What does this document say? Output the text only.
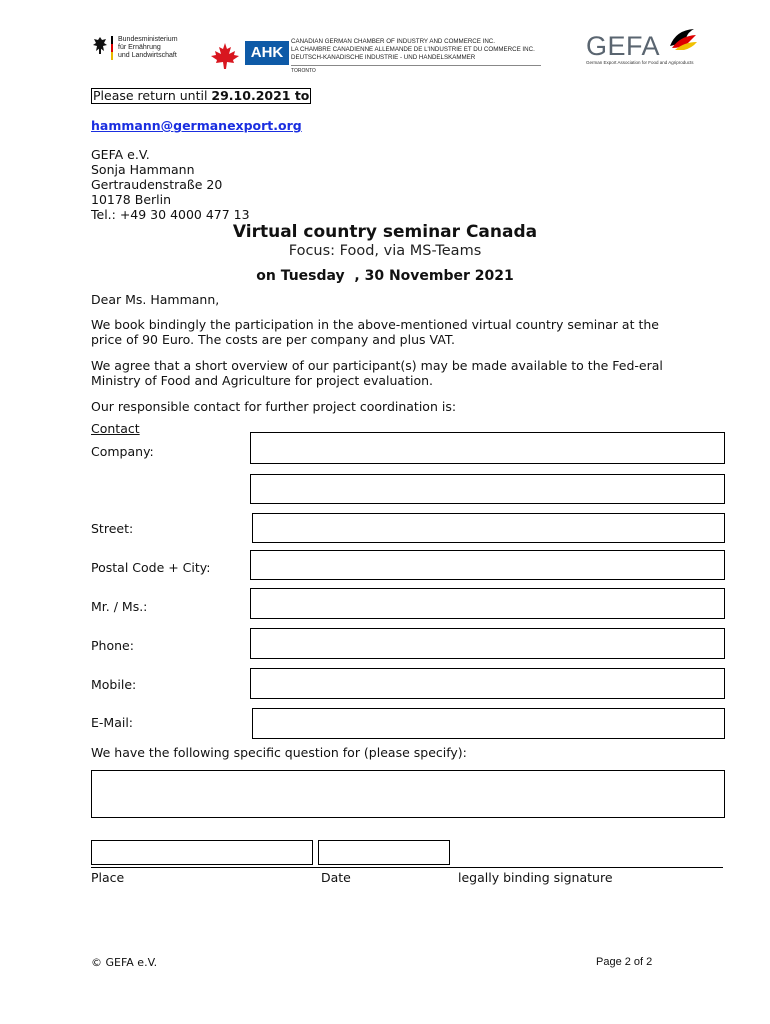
Bundesministerium
für Ernährung
und Landwirtschaft	AHK
CANADIAN GERMAN CHAMBER OF INDUSTRY AND COMMERCE INC.
LA CHAMBRE CANADIENNE ALLEMANDE DE L'INDUSTRIE ET DU COMMERCE INC.
DEUTSCH-KANADISCHE INDUSTRIE - UND HANDELSKAMMER
TORONTO
GEFA
German Export Association for Food and Agriproducts
Please return until 29.10.2021 to
hammann@germanexport.org
GEFA e.V.
Sonja Hammann
Gertraudenstraße 20
10178 Berlin
Tel.: +49 30 4000 477 13
Virtual country seminar Canada
Focus: Food, via MS-Teams
on Tuesday  , 30 November 2021
Dear Ms. Hammann,
We book bindingly the participation in the above-mentioned virtual country seminar at the price of 90 Euro. The costs are per company and plus VAT.
We agree that a short overview of our participant(s) may be made available to the Fed-eral Ministry of Food and Agriculture for project evaluation.
Our responsible contact for further project coordination is:
Contact
Company:
Street:
Postal Code + City:
Mr. / Ms.:
Phone:
Mobile:
E-Mail:
We have the following specific question for (please specify):
Place	Date	legally binding signature
© GEFA e.V.	Page 2 of 2
